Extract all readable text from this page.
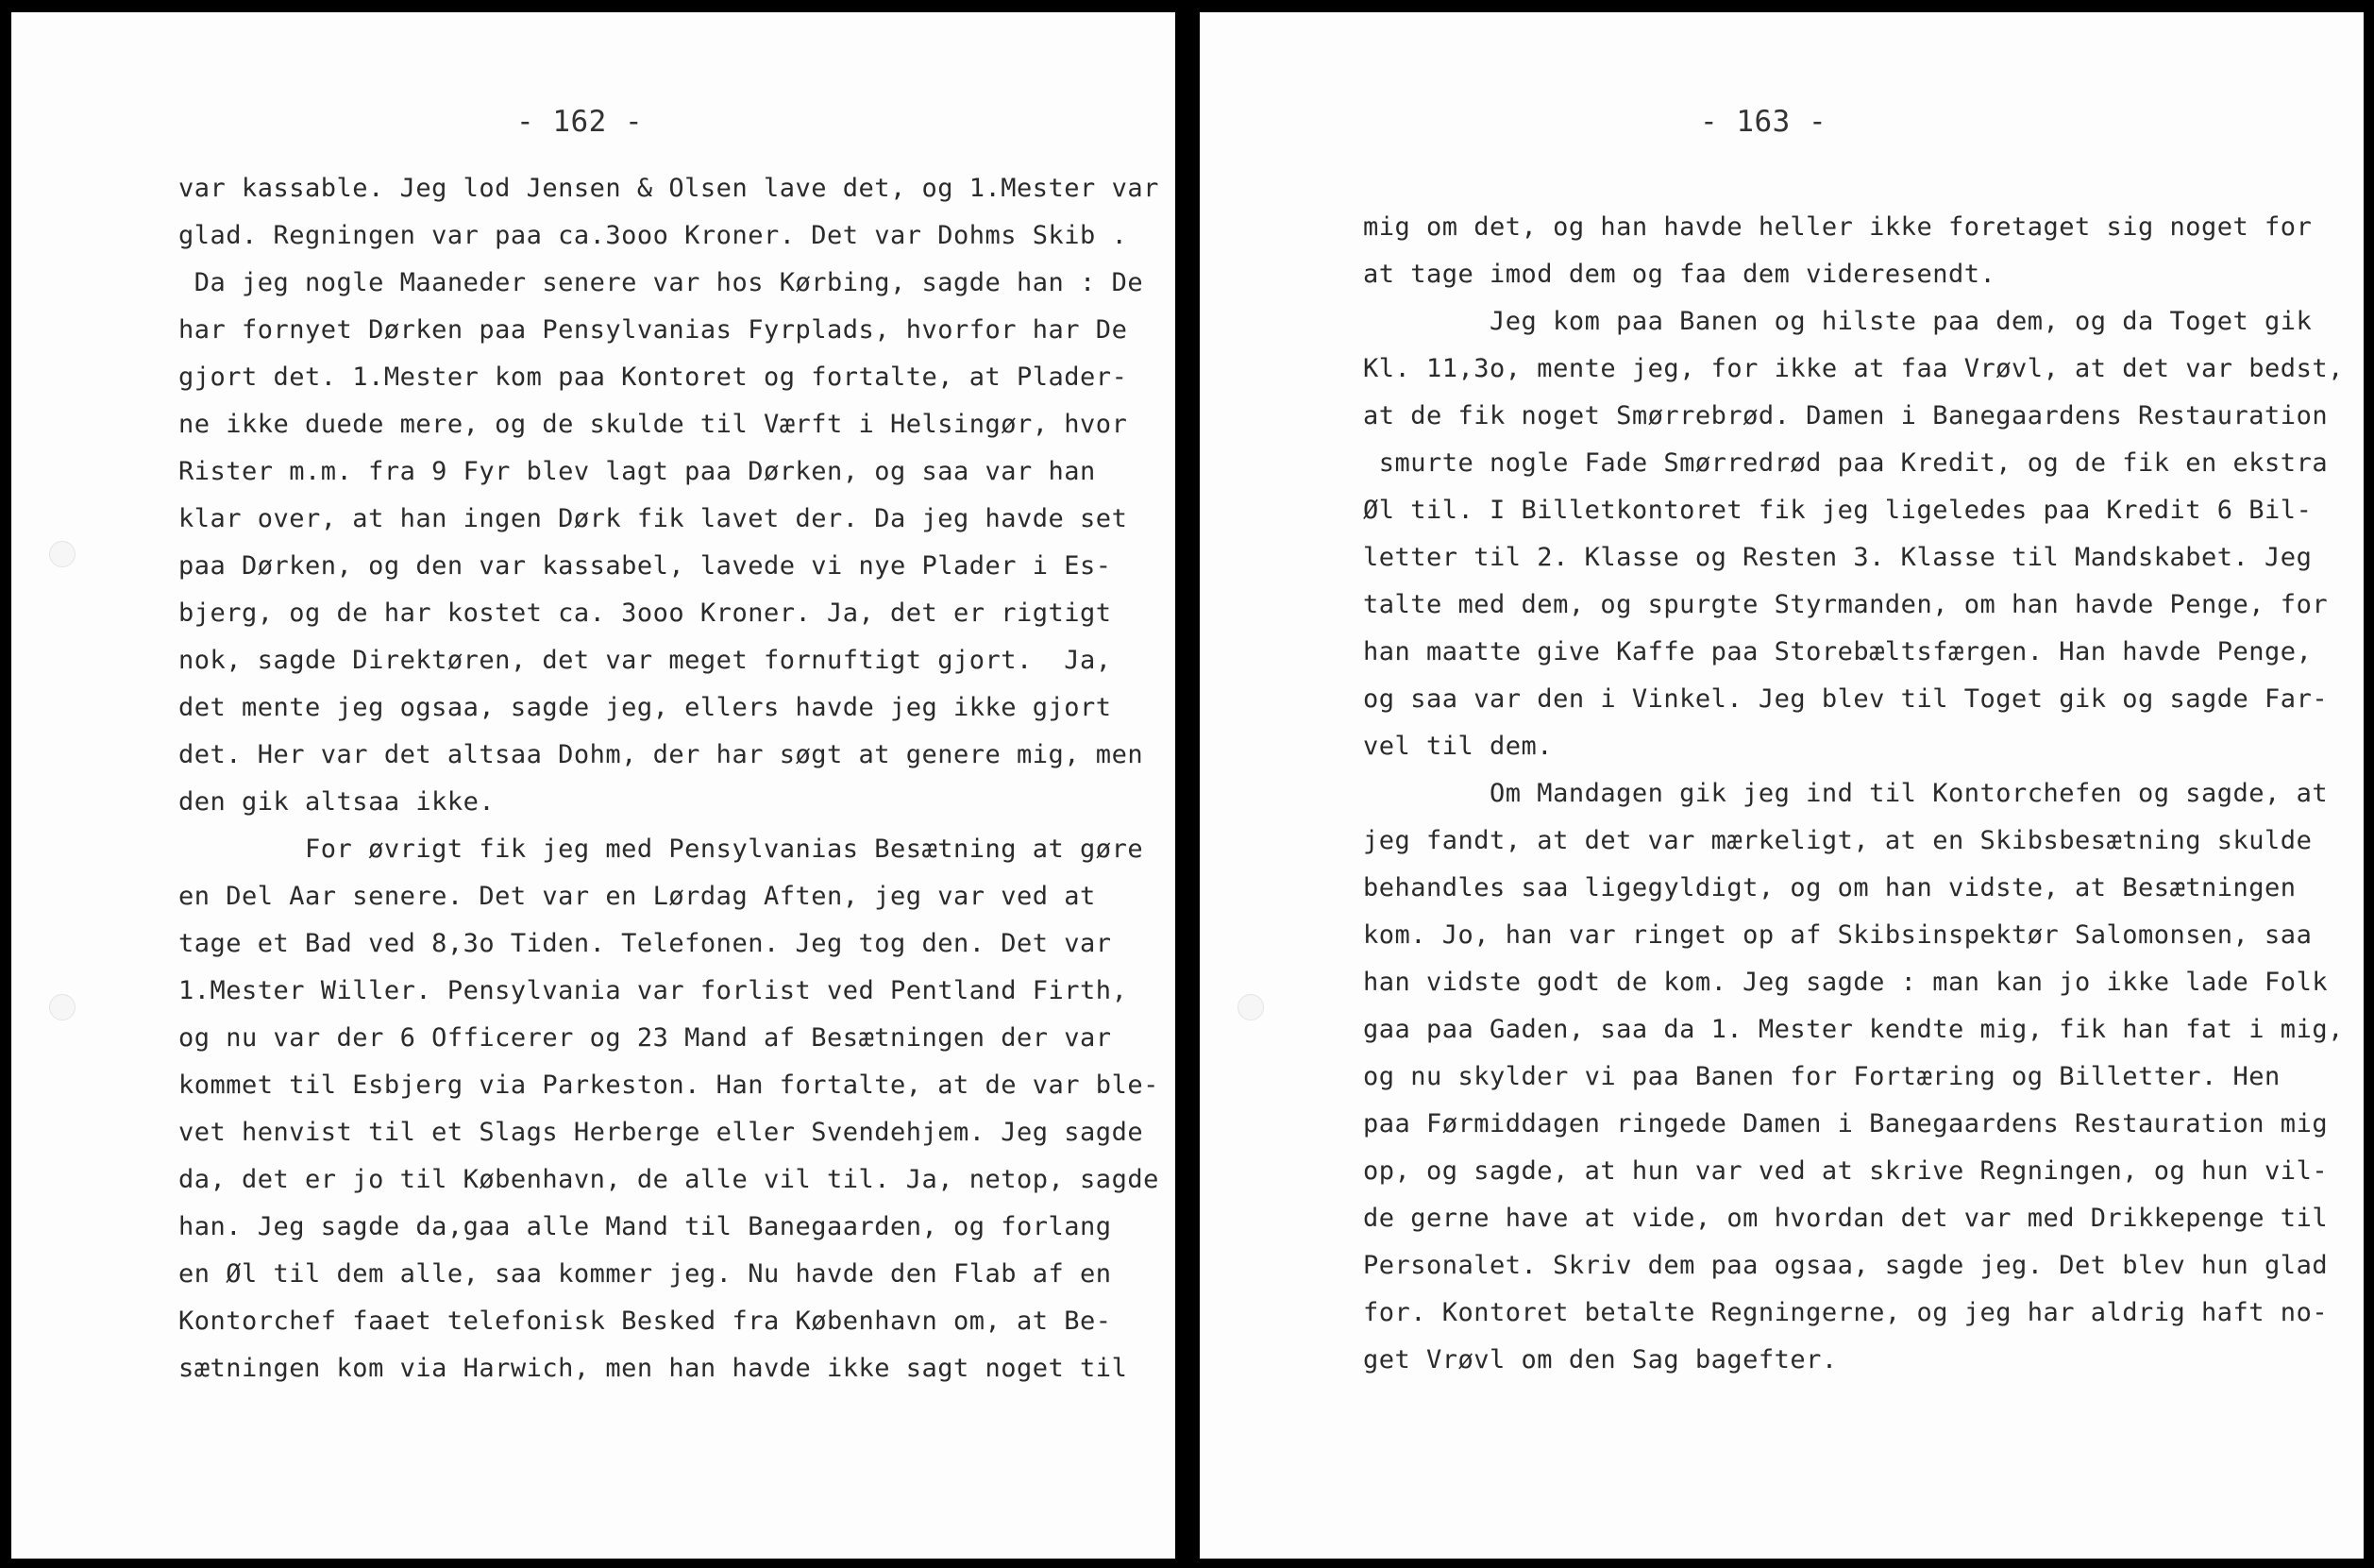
- 162 -
var kassable. Jeg lod Jensen & Olsen lave det, og 1.Mester var
glad. Regningen var paa ca.3ooo Kroner. Det var Dohms Skib .
Da jeg nogle Maaneder senere var hos Kørbing, sagde han : De
har fornyet Dørken paa Pensylvanias Fyrplads, hvorfor har De
gjort det. 1.Mester kom paa Kontoret og fortalte, at Plader-
ne ikke duede mere, og de skulde til Værft i Helsingør, hvor
Rister m.m. fra 9 Fyr blev lagt paa Dørken, og saa var han
klar over, at han ingen Dørk fik lavet der. Da jeg havde set
paa Dørken, og den var kassabel, lavede vi nye Plader i Es-
bjerg, og de har kostet ca. 3ooo Kroner. Ja, det er rigtigt
nok, sagde Direktøren, det var meget fornuftigt gjort.  Ja,
det mente jeg ogsaa, sagde jeg, ellers havde jeg ikke gjort
det. Her var det altsaa Dohm, der har søgt at genere mig, men
den gik altsaa ikke.
For øvrigt fik jeg med Pensylvanias Besætning at gøre
en Del Aar senere. Det var en Lørdag Aften, jeg var ved at
tage et Bad ved 8,3o Tiden. Telefonen. Jeg tog den. Det var
1.Mester Willer. Pensylvania var forlist ved Pentland Firth,
og nu var der 6 Officerer og 23 Mand af Besætningen der var
kommet til Esbjerg via Parkeston. Han fortalte, at de var ble-
vet henvist til et Slags Herberge eller Svendehjem. Jeg sagde
da, det er jo til København, de alle vil til. Ja, netop, sagde
han. Jeg sagde da,gaa alle Mand til Banegaarden, og forlang
en Øl til dem alle, saa kommer jeg. Nu havde den Flab af en
Kontorchef faaet telefonisk Besked fra København om, at Be-
sætningen kom via Harwich, men han havde ikke sagt noget til
- 163 -
mig om det, og han havde heller ikke foretaget sig noget for
at tage imod dem og faa dem videresendt.
Jeg kom paa Banen og hilste paa dem, og da Toget gik
Kl. 11,3o, mente jeg, for ikke at faa Vrøvl, at det var bedst,
at de fik noget Smørrebrød. Damen i Banegaardens Restauration
smurte nogle Fade Smørredrød paa Kredit, og de fik en ekstra
Øl til. I Billetkontoret fik jeg ligeledes paa Kredit 6 Bil-
letter til 2. Klasse og Resten 3. Klasse til Mandskabet. Jeg
talte med dem, og spurgte Styrmanden, om han havde Penge, for
han maatte give Kaffe paa Storebæltsfærgen. Han havde Penge,
og saa var den i Vinkel. Jeg blev til Toget gik og sagde Far-
vel til dem.
Om Mandagen gik jeg ind til Kontorchefen og sagde, at
jeg fandt, at det var mærkeligt, at en Skibsbesætning skulde
behandles saa ligegyldigt, og om han vidste, at Besætningen
kom. Jo, han var ringet op af Skibsinspektør Salomonsen, saa
han vidste godt de kom. Jeg sagde : man kan jo ikke lade Folk
gaa paa Gaden, saa da 1. Mester kendte mig, fik han fat i mig,
og nu skylder vi paa Banen for Fortæring og Billetter. Hen
paa Førmiddagen ringede Damen i Banegaardens Restauration mig
op, og sagde, at hun var ved at skrive Regningen, og hun vil-
de gerne have at vide, om hvordan det var med Drikkepenge til
Personalet. Skriv dem paa ogsaa, sagde jeg. Det blev hun glad
for. Kontoret betalte Regningerne, og jeg har aldrig haft no-
get Vrøvl om den Sag bagefter.
